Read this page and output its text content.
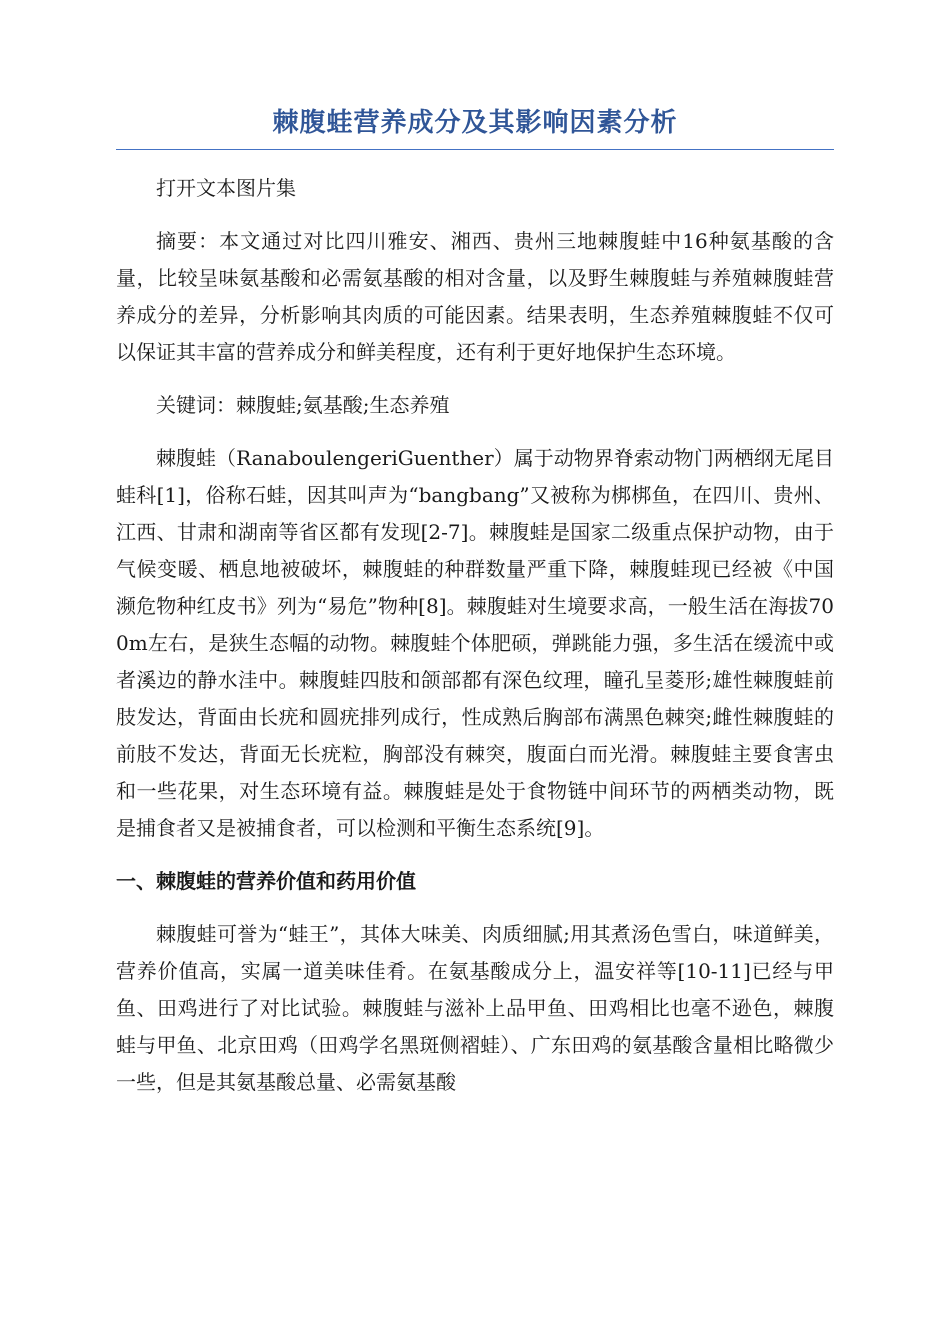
棘腹蛙营养成分及其影响因素分析

打开文本图片集

摘要：本文通过对比四川雅安、湘西、贵州三地棘腹蛙中16种氨基酸的含量，比较呈味氨基酸和必需氨基酸的相对含量，以及野生棘腹蛙与养殖棘腹蛙营养成分的差异，分析影响其肉质的可能因素。结果表明，生态养殖棘腹蛙不仅可以保证其丰富的营养成分和鲜美程度，还有利于更好地保护生态环境。

关键词：棘腹蛙;氨基酸;生态养殖

棘腹蛙（RanaboulengeriGuenther）属于动物界脊索动物门两栖纲无尾目蛙科[1]，俗称石蛙，因其叫声为“bangbang”又被称为梆梆鱼，在四川、贵州、江西、甘肃和湖南等省区都有发现[2-7]。棘腹蛙是国家二级重点保护动物，由于气候变暖、栖息地被破坏，棘腹蛙的种群数量严重下降，棘腹蛙现已经被《中国濒危物种红皮书》列为“易危”物种[8]。棘腹蛙对生境要求高，一般生活在海拔700m左右，是狭生态幅的动物。棘腹蛙个体肥硕，弹跳能力强，多生活在缓流中或者溪边的静水洼中。棘腹蛙四肢和颌部都有深色纹理，瞳孔呈菱形;雄性棘腹蛙前肢发达，背面由长疣和圆疣排列成行，性成熟后胸部布满黑色棘突;雌性棘腹蛙的前肢不发达，背面无长疣粒，胸部没有棘突，腹面白而光滑。棘腹蛙主要食害虫和一些花果，对生态环境有益。棘腹蛙是处于食物链中间环节的两栖类动物，既是捕食者又是被捕食者，可以检测和平衡生态系统[9]。

一、棘腹蛙的营养价值和药用价值

棘腹蛙可誉为“蛙王”，其体大味美、肉质细腻;用其煮汤色雪白，味道鲜美，营养价值高，实属一道美味佳肴。在氨基酸成分上，温安祥等[10-11]已经与甲鱼、田鸡进行了对比试验。棘腹蛙与滋补上品甲鱼、田鸡相比也毫不逊色，棘腹蛙与甲鱼、北京田鸡（田鸡学名黑斑侧褶蛙）、广东田鸡的氨基酸含量相比略微少一些，但是其氨基酸总量、必需氨基酸
